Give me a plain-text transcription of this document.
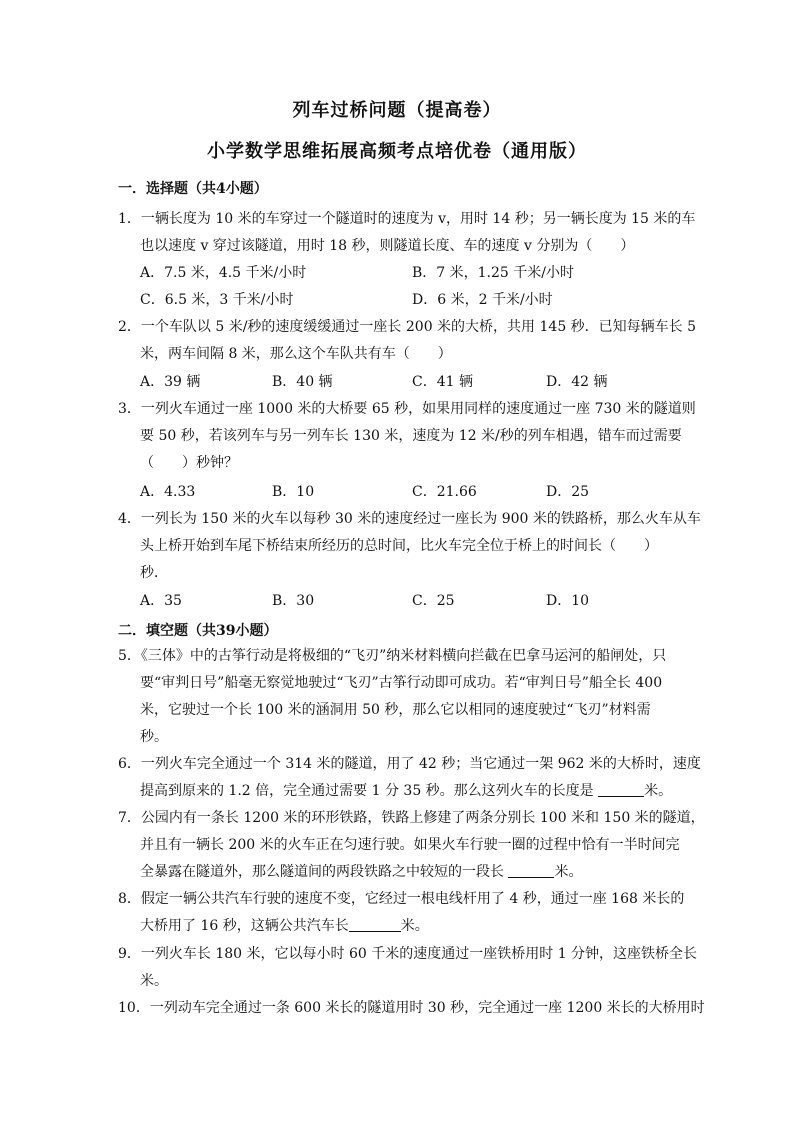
列车过桥问题（提高卷）
小学数学思维拓展高频考点培优卷（通用版）
一．选择题（共4小题）
1．一辆长度为 10 米的车穿过一个隧道时的速度为 v，用时 14 秒；另一辆长度为 15 米的车
也以速度 v 穿过该隧道，用时 18 秒，则隧道长度、车的速度 v 分别为（　　）
A．7.5 米，4.5 千米/小时	B．7 米，1.25 千米/小时
C．6.5 米，3 千米/小时	D．6 米，2 千米/小时
2．一个车队以 5 米/秒的速度缓缓通过一座长 200 米的大桥，共用 145 秒．已知每辆车长 5
米，两车间隔 8 米，那么这个车队共有车（　　）
A．39 辆	B．40 辆	C．41 辆	D．42 辆
3．一列火车通过一座 1000 米的大桥要 65 秒，如果用同样的速度通过一座 730 米的隧道则
要 50 秒，若该列车与另一列车长 130 米，速度为 12 米/秒的列车相遇，错车而过需要
（　　）秒钟？
A．4.33	B．10	C．21.66	D．25
4．一列长为 150 米的火车以每秒 30 米的速度经过一座长为 900 米的铁路桥，那么火车从车
头上桥开始到车尾下桥结束所经历的总时间，比火车完全位于桥上的时间长（　　）
秒．
A．35	B．30	C．25	D．10
二．填空题（共39小题）
5．《三体》中的古筝行动是将极细的“飞刃”纳米材料横向拦截在巴拿马运河的船闸处，只
要“审判日号”船毫无察觉地驶过“飞刃”古筝行动即可成功。若“审判日号”船全长 400
米，它驶过一个长 100 米的涵洞用 50 秒，那么它以相同的速度驶过“飞刃”材料需
秒。
6．一列火车完全通过一个 314 米的隧道，用了 42 秒；当它通过一架 962 米的大桥时，速度
提高到原来的 1.2 倍，完全通过需要 1 分 35 秒。那么这列火车的长度是	米。
7．公园内有一条长 1200 米的环形铁路，铁路上修建了两条分别长 100 米和 150 米的隧道，
并且有一辆长 200 米的火车正在匀速行驶。如果火车行驶一圈的过程中恰有一半时间完
全暴露在隧道外，那么隧道间的两段铁路之中较短的一段长	米。
8．假定一辆公共汽车行驶的速度不变，它经过一根电线杆用了 4 秒，通过一座 168 米长的
大桥用了 16 秒，这辆公共汽车长	米。
9．一列火车长 180 米，它以每小时 60 千米的速度通过一座铁桥用时 1 分钟，这座铁桥全长
米。
10．一列动车完全通过一条 600 米长的隧道用时 30 秒，完全通过一座 1200 米长的大桥用时
